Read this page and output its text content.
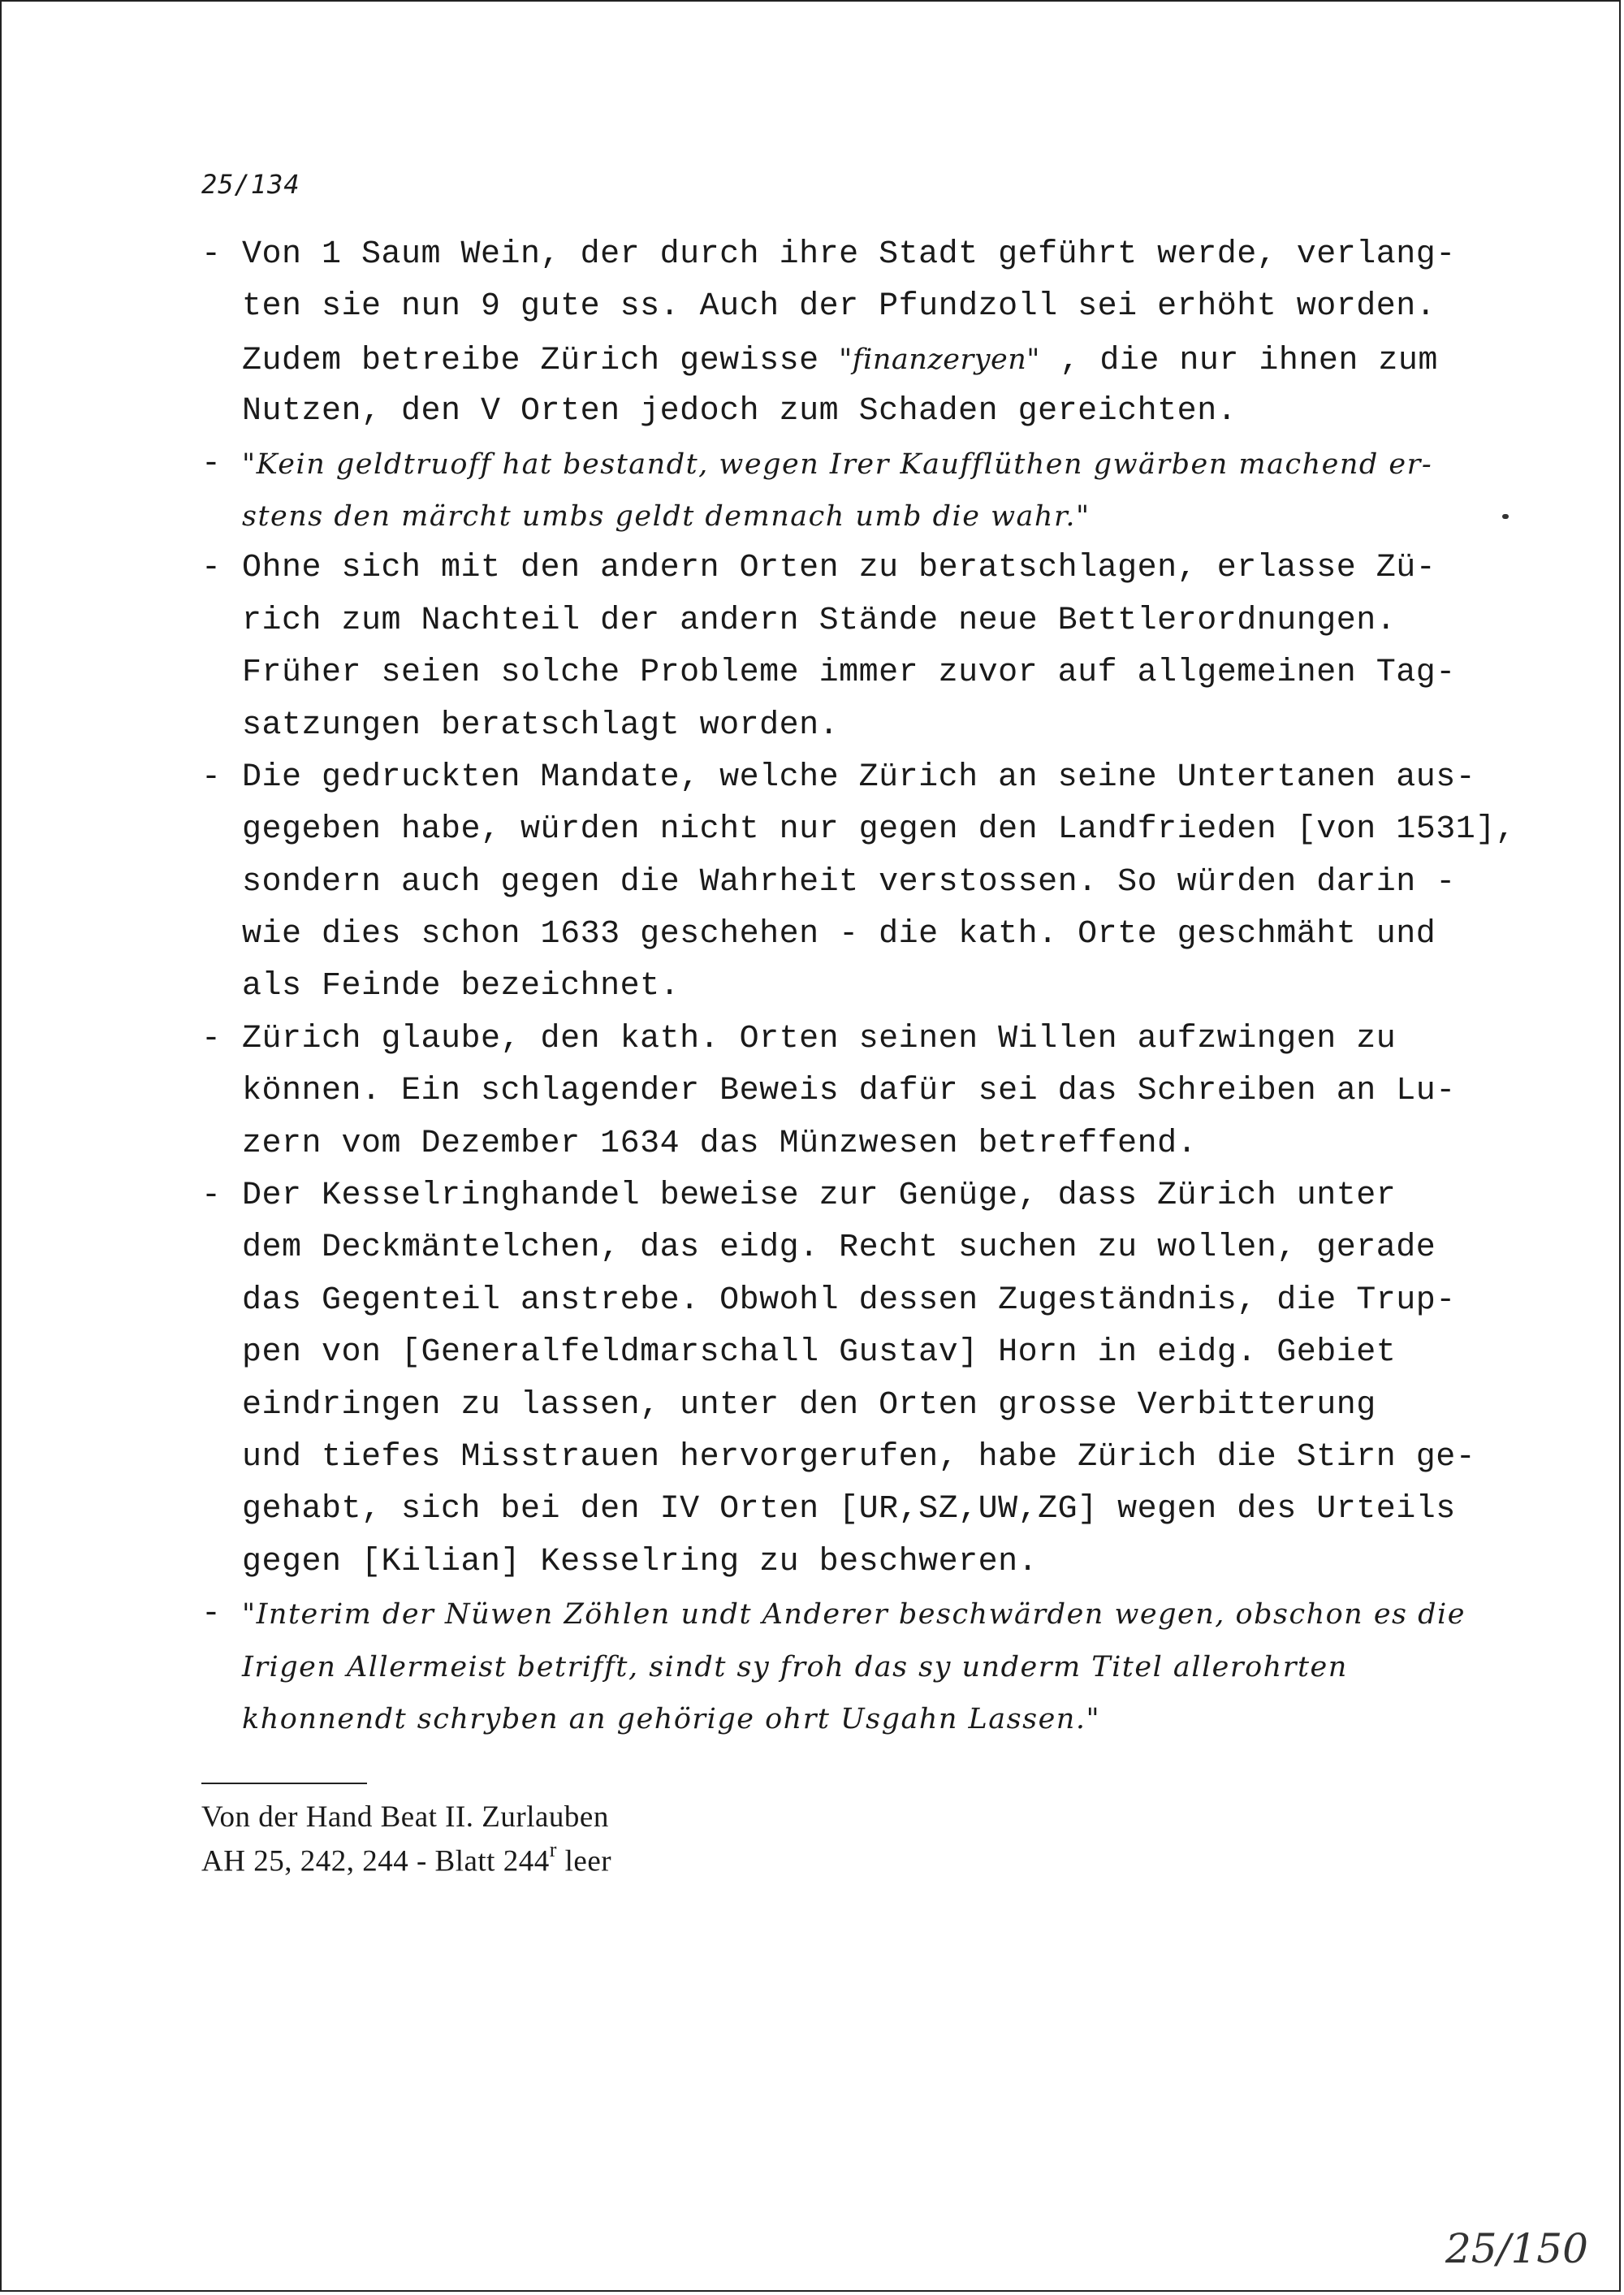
25/134
- Von 1 Saum Wein, der durch ihre Stadt geführt werde, verlang-
ten sie nun 9 gute ss. Auch der Pfundzoll sei erhöht worden.
Zudem betreibe Zürich gewisse "finanzeryen" , die nur ihnen zum
Nutzen, den V Orten jedoch zum Schaden gereichten.
- "Kein geldtruoff hat bestandt, wegen Irer Kaufflüthen gwärben machend er-
stens den märcht umbs geldt demnach umb die wahr."
- Ohne sich mit den andern Orten zu beratschlagen, erlasse Zü-
rich zum Nachteil der andern Stände neue Bettlerordnungen.
Früher seien solche Probleme immer zuvor auf allgemeinen Tag-
satzungen beratschlagt worden.
- Die gedruckten Mandate, welche Zürich an seine Untertanen aus-
gegeben habe, würden nicht nur gegen den Landfrieden [von 1531],
sondern auch gegen die Wahrheit verstossen. So würden darin -
wie dies schon 1633 geschehen - die kath. Orte geschmäht und
als Feinde bezeichnet.
- Zürich glaube, den kath. Orten seinen Willen aufzwingen zu
können. Ein schlagender Beweis dafür sei das Schreiben an Lu-
zern vom Dezember 1634 das Münzwesen betreffend.
- Der Kesselringhandel beweise zur Genüge, dass Zürich unter
dem Deckmäntelchen, das eidg. Recht suchen zu wollen, gerade
das Gegenteil anstrebe. Obwohl dessen Zugeständnis, die Trup-
pen von [Generalfeldmarschall Gustav] Horn in eidg. Gebiet
eindringen zu lassen, unter den Orten grosse Verbitterung
und tiefes Misstrauen hervorgerufen, habe Zürich die Stirn ge-
gehabt, sich bei den IV Orten [UR,SZ,UW,ZG] wegen des Urteils
gegen [Kilian] Kesselring zu beschweren.
- "Interim der Nüwen Zöhlen undt Anderer beschwärden wegen, obschon es die
Irigen Allermeist betrifft, sindt sy froh das sy underm Titel allerohrten
khonnendt schryben an gehörige ohrt Usgahn Lassen."
Von der Hand Beat II. Zurlauben
AH 25, 242, 244 - Blatt 244$^r$ leer
25/150
